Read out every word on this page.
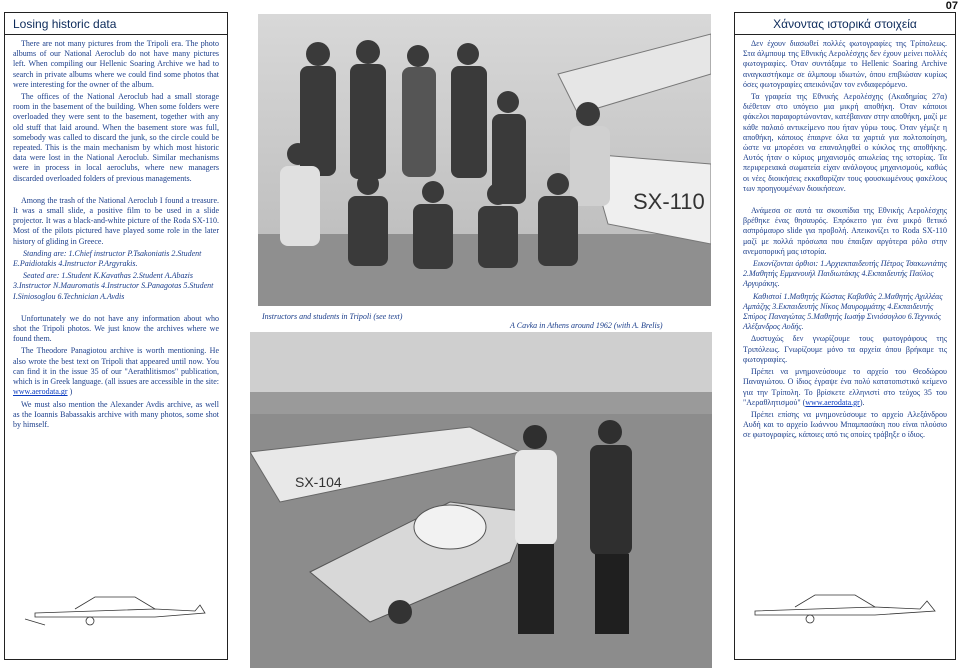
07
Losing historic data

There are not many pictures from the Tripoli era. The photo albums of our National Aeroclub do not have many pictures left. When compiling our Hellenic Soaring Archive we had to search in private albums where we could find some photos that were interesting for the owner of the album.

The offices of the National Aeroclub had a small storage room in the basement of the building. When some folders were overloaded they were sent to the basement, together with any old stuff that laid around. When the basement store was full, somebody was called to discard the junk, so the circle could be repeated. This is the main mechanism by which most historic data were lost in the National Aeroclub. Similar mechanisms were in process in local aeroclubs, where new managers discarded overloaded folders of previous managements.

Among the trash of the National Aeroclub I found a treasure. It was a small slide, a positive film to be used in a slide projector. It was a black-and-white picture of the Roda SX-110. Most of the pilots pictured have played some role in the later history of gliding in Greece.

Standing are: 1.Chief instructor P.Tsakoniatis 2.Student E.Paidiotakis 4.Instructor P.Argyrakis.

Seated are: 1.Student K.Kavathas 2.Student A.Abazis 3.Instructor N.Mauromatis 4.Instructor S.Panagotas 5.Student I.Siniosoglou 6.Technician A.Avdis

Unfortunately we do not have any information about who shot the Tripoli photos. We just know the archives where we found them.

The Theodore Panagiotou archive is worth mentioning. He also wrote the best text on Tripoli that appeared until now. You can find it in the issue 35 of our "Aerathlitismos" publication, which is in Greek language. (all issues are accessible in the site: www.aerodata.gr )

We must also mention the Alexander Avdis archive, as well as the Ioannis Babassakis archive with many photos, some shot by himself.

SX-110
Instructors and students in Tripoli (see text)
A Cavka in Athens around 1962 (with A. Brelis)
SX-104
Χάνοντας ιστορικά στοιχεία

Δεν έχουν διασωθεί πολλές φωτογραφίες της Τρίπολεως. Στα άλμπουμ της Εθνικής Αερολέσχης δεν έχουν μείνει πολλές φωτογραφίες. Όταν συντάξαμε το Hellenic Soaring Archive αναγκαστήκαμε σε άλμπουμ ιδιωτών, όπου επιβιώσαν κυρίως όσες φωτογραφίες απεικόνιζαν τον ενδιαφερόμενο.

Τα γραφεία της Εθνικής Αερολέσχης (Ακαδημίας 27α) διέθεταν στο υπόγειο μια μικρή αποθήκη. Όταν κάποιοι φάκελοι παραφορτώνονταν, κατέβαιναν στην αποθήκη, μαζί με κάθε παλαιό αντικείμενο που ήταν γύρω τους. Όταν γέμιζε η αποθήκη, κάποιος έπαιρνε όλα τα χαρτιά για πολτοποίηση, ώστε να μπορέσει να επαναληφθεί ο κύκλος της αποθήκης. Αυτός ήταν ο κύριος μηχανισμός απωλείας της ιστορίας. Τα περιφερειακά σωματεία είχαν ανάλογους μηχανισμούς, καθώς οι νέες διοικήσεις εκκαθαρίζαν τους φουσκωμένους φακέλους των προηγουμένων διοικήσεων.

Ανάμεσα σε αυτά τα σκουπίδια της Εθνικής Αερολέσχης βρέθηκε ένας θησαυρός. Επρόκειτο για ένα μικρό θετικό ασπρόμαυρο slide για προβολή. Απεικονίζει το Roda SX-110 μαζί με πολλά πρόσωπα που έπαιξαν αργότερα ρόλο στην ανεμοπορική μας ιστορία.

Εικονίζονται όρθιοι: 1.Αρχιεκπαιδευτής Πέτρος Τσακωνιάτης 2.Μαθητής Εμμανουήλ Παιδιωτάκης 4.Εκπαιδευτής Παύλος Αργυράκης.

Καθιστοί 1.Μαθητής Κώστας Καβαθάς 2.Μαθητής Αχιλλέας Αμπάζης 3.Εκπαιδευτής Νίκος Μαυρομμάτης 4.Εκπαιδευτής Σπύρος Παναγώτας 5.Μαθητής Ιωσήφ Σινιόσογλου 6.Τεχνικός Αλέξανδρος Αυδής.

Δυστυχώς δεν γνωρίζουμε τους φωτογράφους της Τριπόλεως. Γνωρίζουμε μόνο τα αρχεία όπου βρήκαμε τις φωτογραφίες.

Πρέπει να μνημονεύσουμε το αρχείο του Θεοδώρου Παναγιώτου. Ο ίδιος έγραψε ένα πολύ κατατοπιστικό κείμενο για την Τρίπολη. Το βρίσκετε ελληνιστί στο τεύχος 35 του "Αεραθλητισμού" (www.aerodata.gr).

Πρέπει επίσης να μνημονεύσουμε το αρχείο Αλεξάνδρου Αυδή και το αρχείο Ιωάννου Μπαμπασάκη που είναι πλούσιο σε φωτογραφίες, κάποιες από τις οποίες τράβηξε ο ίδιος.
